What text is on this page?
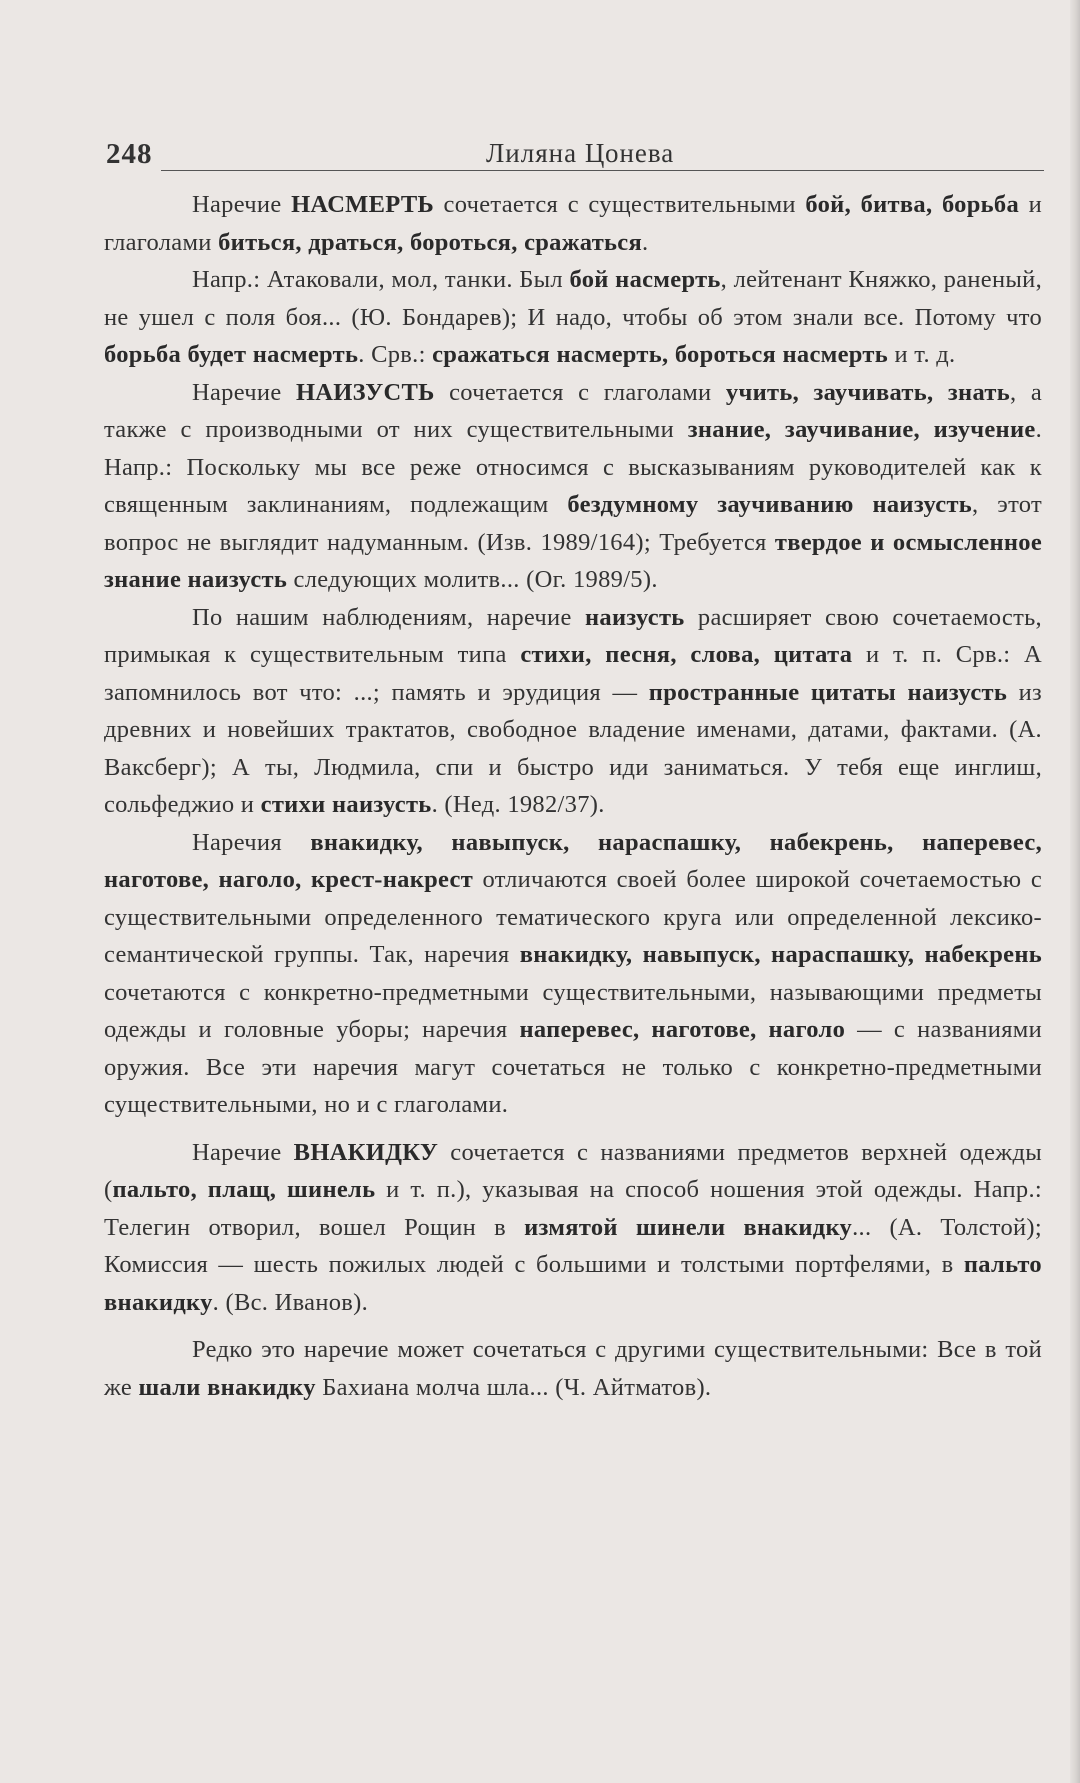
248	Лиляна Цонева

Наречие НАСМЕРТЬ сочетается с существительными бой, битва, борьба и глаголами биться, драться, бороться, сражаться.

Напр.: Атаковали, мол, танки. Был бой насмерть, лейтенант Княжко, раненый, не ушел с поля боя... (Ю. Бондарев); И надо, чтобы об этом знали все. Потому что борьба будет насмерть. Срв.: сражаться насмерть, бороться насмерть и т. д.

Наречие НАИЗУСТЬ сочетается с глаголами учить, заучивать, знать, а также с производными от них существительными знание, заучивание, изучение. Напр.: Поскольку мы все реже относимся с высказываниям руководителей как к священным заклинаниям, подлежащим бездумному заучиванию наизусть, этот вопрос не выглядит надуманным. (Изв. 1989/164); Требуется твердое и осмысленное знание наизусть следующих молитв... (Ог. 1989/5).

По нашим наблюдениям, наречие наизусть расширяет свою сочетаемость, примыкая к существительным типа стихи, песня, слова, цитата и т. п. Срв.: А запомнилось вот что: ...; память и эрудиция — пространные цитаты наизусть из древних и новейших трактатов, свободное владение именами, датами, фактами. (А. Ваксберг); А ты, Людмила, спи и быстро иди заниматься. У тебя еще инглиш, сольфеджио и стихи наизусть. (Нед. 1982/37).

Наречия внакидку, навыпуск, нараспашку, набекрень, наперевес, наготове, наголо, крест-накрест отличаются своей более широкой сочетаемостью с существительными определенного тематического круга или определенной лексико-семантической группы. Так, наречия внакидку, навыпуск, нараспашку, набекрень сочетаются с конкретно-предметными существительными, называющими предметы одежды и головные уборы; наречия наперевес, наготове, наголо — с названиями оружия. Все эти наречия магут сочетаться не только с конкретно-предметными существительными, но и с глаголами.

Наречие ВНАКИДКУ сочетается с названиями предметов верхней одежды (пальто, плащ, шинель и т. п.), указывая на способ ношения этой одежды. Напр.: Телегин отворил, вошел Рощин в измятой шинели внакидку... (А. Толстой); Комиссия — шесть пожилых людей с большими и толстыми портфелями, в пальто внакидку. (Вс. Иванов).

Редко это наречие может сочетаться с другими существительными: Все в той же шали внакидку Бахиана молча шла... (Ч. Айтматов).
